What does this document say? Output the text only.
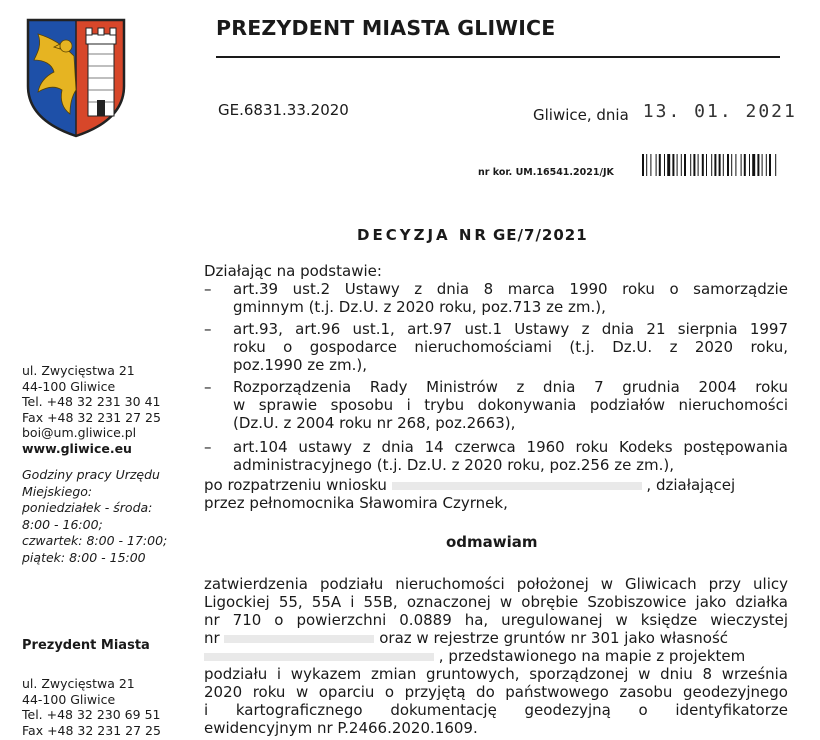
PREZYDENT MIASTA GLIWICE
GE.6831.33.2020	Gliwice, dnia 13. 01. 2021
nr kor. UM.16541.2021/JK
DECYZJA NR GE/7/2021
ul. Zwycięstwa 21
44-100 Gliwice
Tel. +48 32 231 30 41
Fax +48 32 231 27 25
boi@um.gliwice.pl
www.gliwice.eu
Godziny pracy Urzędu
Miejskiego:
poniedziałek - środa:
8:00 - 16:00;
czwartek: 8:00 - 17:00;
piątek: 8:00 - 15:00
Prezydent Miasta
ul. Zwycięstwa 21
44-100 Gliwice
Tel. +48 32 230 69 51
Fax +48 32 231 27 25
Działając na podstawie:
– art.39 ust.2 Ustawy z dnia 8 marca 1990 roku o samorządzie
gminnym (t.j. Dz.U. z 2020 roku, poz.713 ze zm.),
– art.93, art.96 ust.1, art.97 ust.1 Ustawy z dnia 21 sierpnia 1997
roku o gospodarce nieruchomościami (t.j. Dz.U. z 2020 roku,
poz.1990 ze zm.),
– Rozporządzenia Rady Ministrów z dnia 7 grudnia 2004 roku
w sprawie sposobu i trybu dokonywania podziałów nieruchomości
(Dz.U. z 2004 roku nr 268, poz.2663),
– art.104 ustawy z dnia 14 czerwca 1960 roku Kodeks postępowania
administracyjnego (t.j. Dz.U. z 2020 roku, poz.256 ze zm.),
po rozpatrzeniu wniosku	, działającej
przez pełnomocnika Sławomira Czyrnek,
odmawiam
zatwierdzenia podziału nieruchomości położonej w Gliwicach przy ulicy
Ligockiej 55, 55A i 55B, oznaczonej w obrębie Szobiszowice jako działka
nr 710 o powierzchni 0.0889 ha, uregulowanej w księdze wieczystej
nr	oraz w rejestrze gruntów nr 301 jako własność
, przedstawionego na mapie z projektem
podziału i wykazem zmian gruntowych, sporządzonej w dniu 8 września
2020 roku w oparciu o przyjętą do państwowego zasobu geodezyjnego
i kartograficznego dokumentację geodezyjną o identyfikatorze
ewidencyjnym nr P.2466.2020.1609.
